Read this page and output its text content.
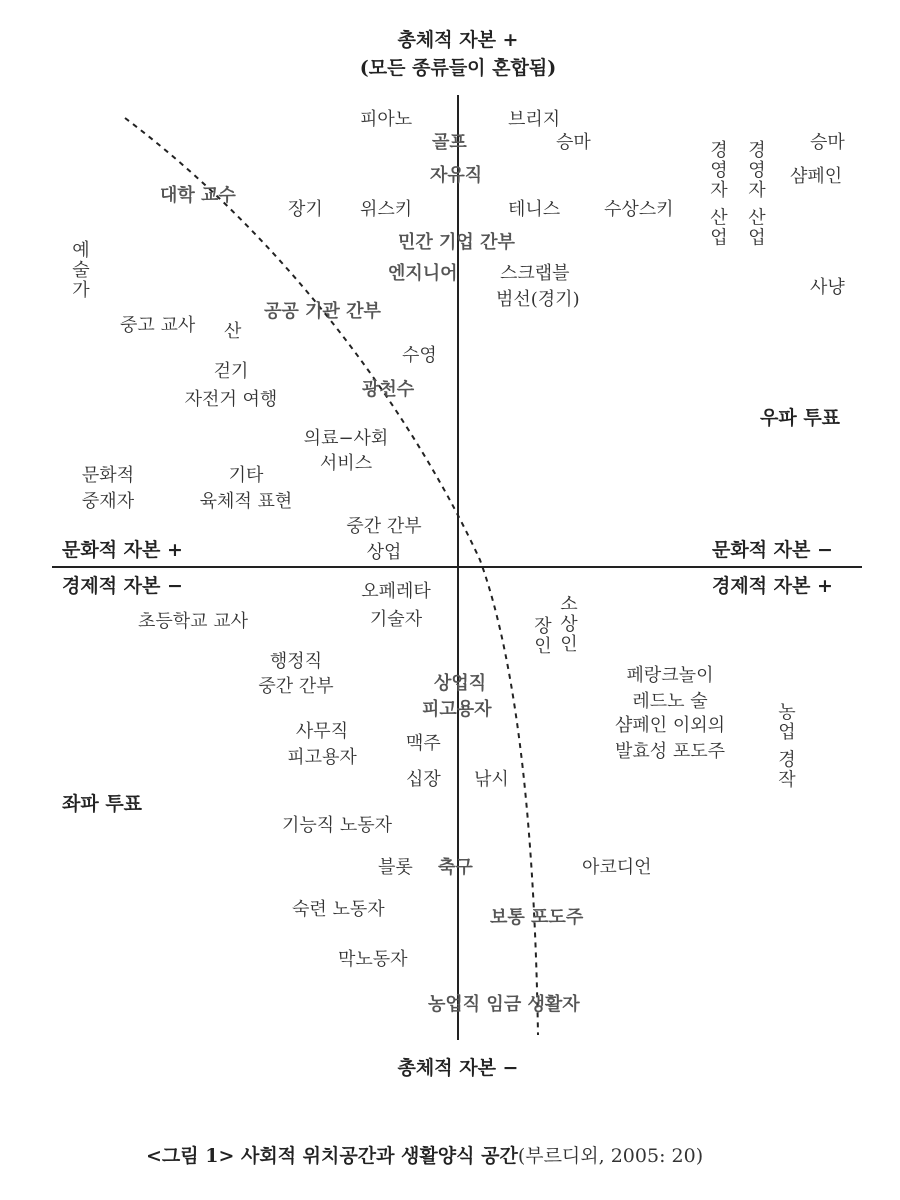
총체적 자본 +
(모든 종류들이 혼합됨)
총체적 자본 −
문화적 자본 +	문화적 자본 −
경제적 자본 −	경제적 자본 +
우파 투표
좌파 투표
피아노
골프
자유직
대학 교수
장기 위스키
민간 기업 간부
엔지니어
예술가
공공 기관 간부
중고 교사 산
수영
걷기
자전거 여행	광천수
의료−사회
서비스
문화적
중재자
기타
육체적 표현
중간 간부
상업
브리지
승마
테니스 수상스키
스크랩블
범선(경기)
승마
샴페인
사냥
경영자 산업 경영자 산업
오페레타
기술자
초등학교 교사
행정직
중간 간부	상업직
피고용자
사무직
피고용자
맥주
십장
기능직 노동자
블롯 축구
숙련 노동자
막노동자
농업직 임금 생활자
소상인
장인
낚시
페랑크놀이
레드노 술
샴페인 이외의
발효성 포도주	농업 경작
아코디언
보통 포도주
<그림 1> 사회적 위치공간과 생활양식 공간(부르디외, 2005: 20)
